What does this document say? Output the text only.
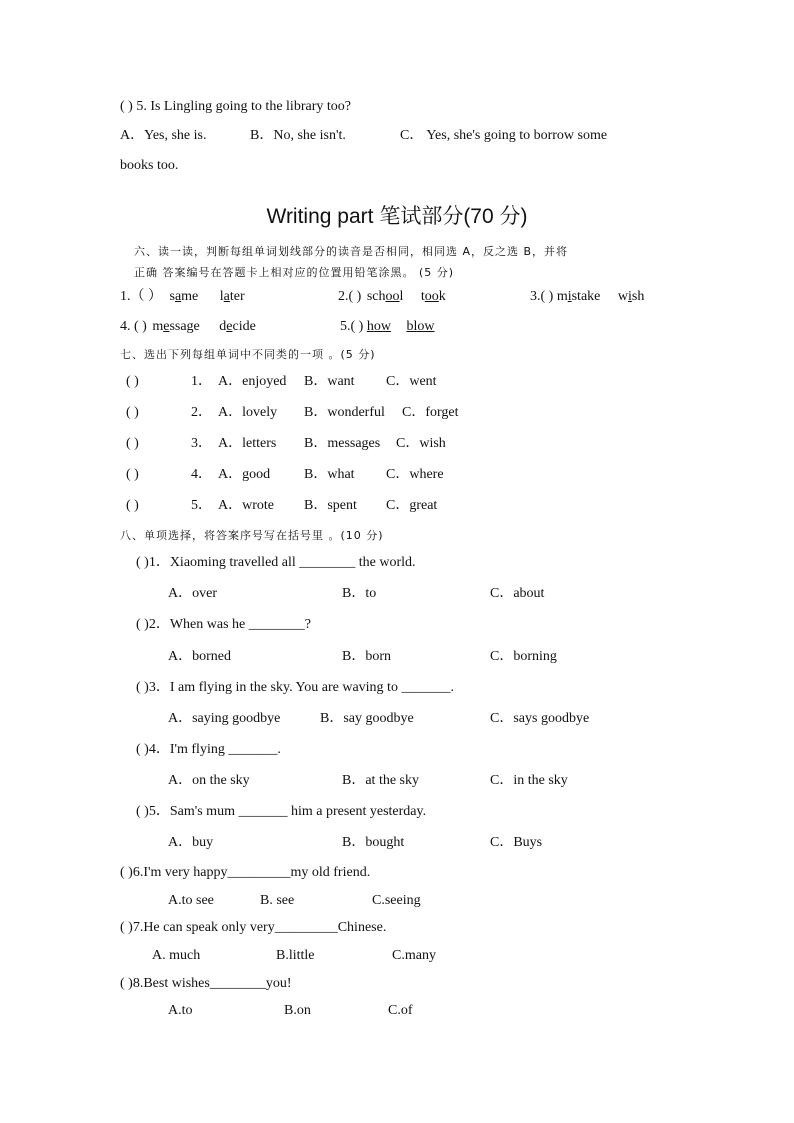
( ) 5. Is Lingling going to the library too?
A．Yes, she is.	B．No, she isn't.	C． Yes, she's going to borrow some
books too.
Writing part 笔试部分(70 分)
六、读一读，判断每组单词划线部分的读音是否相同，相同选 A，反之选 B，并将
正确 答案编号在答题卡上相对应的位置用铅笔涂黑。 (5 分)
1.（ ） same later	2.( ) school took	3.( ) mistake wish
4. ( ) message decide	5.( ) how blow
七、选出下列每组单词中不同类的一项 。(5 分)
( )	1． A．enjoyed B．want C．went
( )	2． A．lovely B．wonderful C．forget
( )	3． A．letters B．messages C．wish
( )	4． A．good B．what C．where
( )	5． A．wrote B．spent C．great
八、单项选择，将答案序号写在括号里 。(10 分)
( )1．Xiaoming travelled all ________ the world.
A．over	B．to	C．about
( )2．When was he ________?
A．borned	B．born	C．borning
( )3．I am flying in the sky. You are waving to _______.
A．saying goodbye	B．say goodbye	C．says goodbye
( )4．I'm flying _______.
A．on the sky	B．at the sky	C．in the sky
( )5．Sam's mum _______ him a present yesterday.
A．buy	B．bought	C．Buys
( )6.I'm very happy_________my old friend.
A.to see	B. see	C.seeing
( )7.He can speak only very_________Chinese.
A. much	B.little	C.many
( )8.Best wishes________you!
A.to	B.on	C.of
